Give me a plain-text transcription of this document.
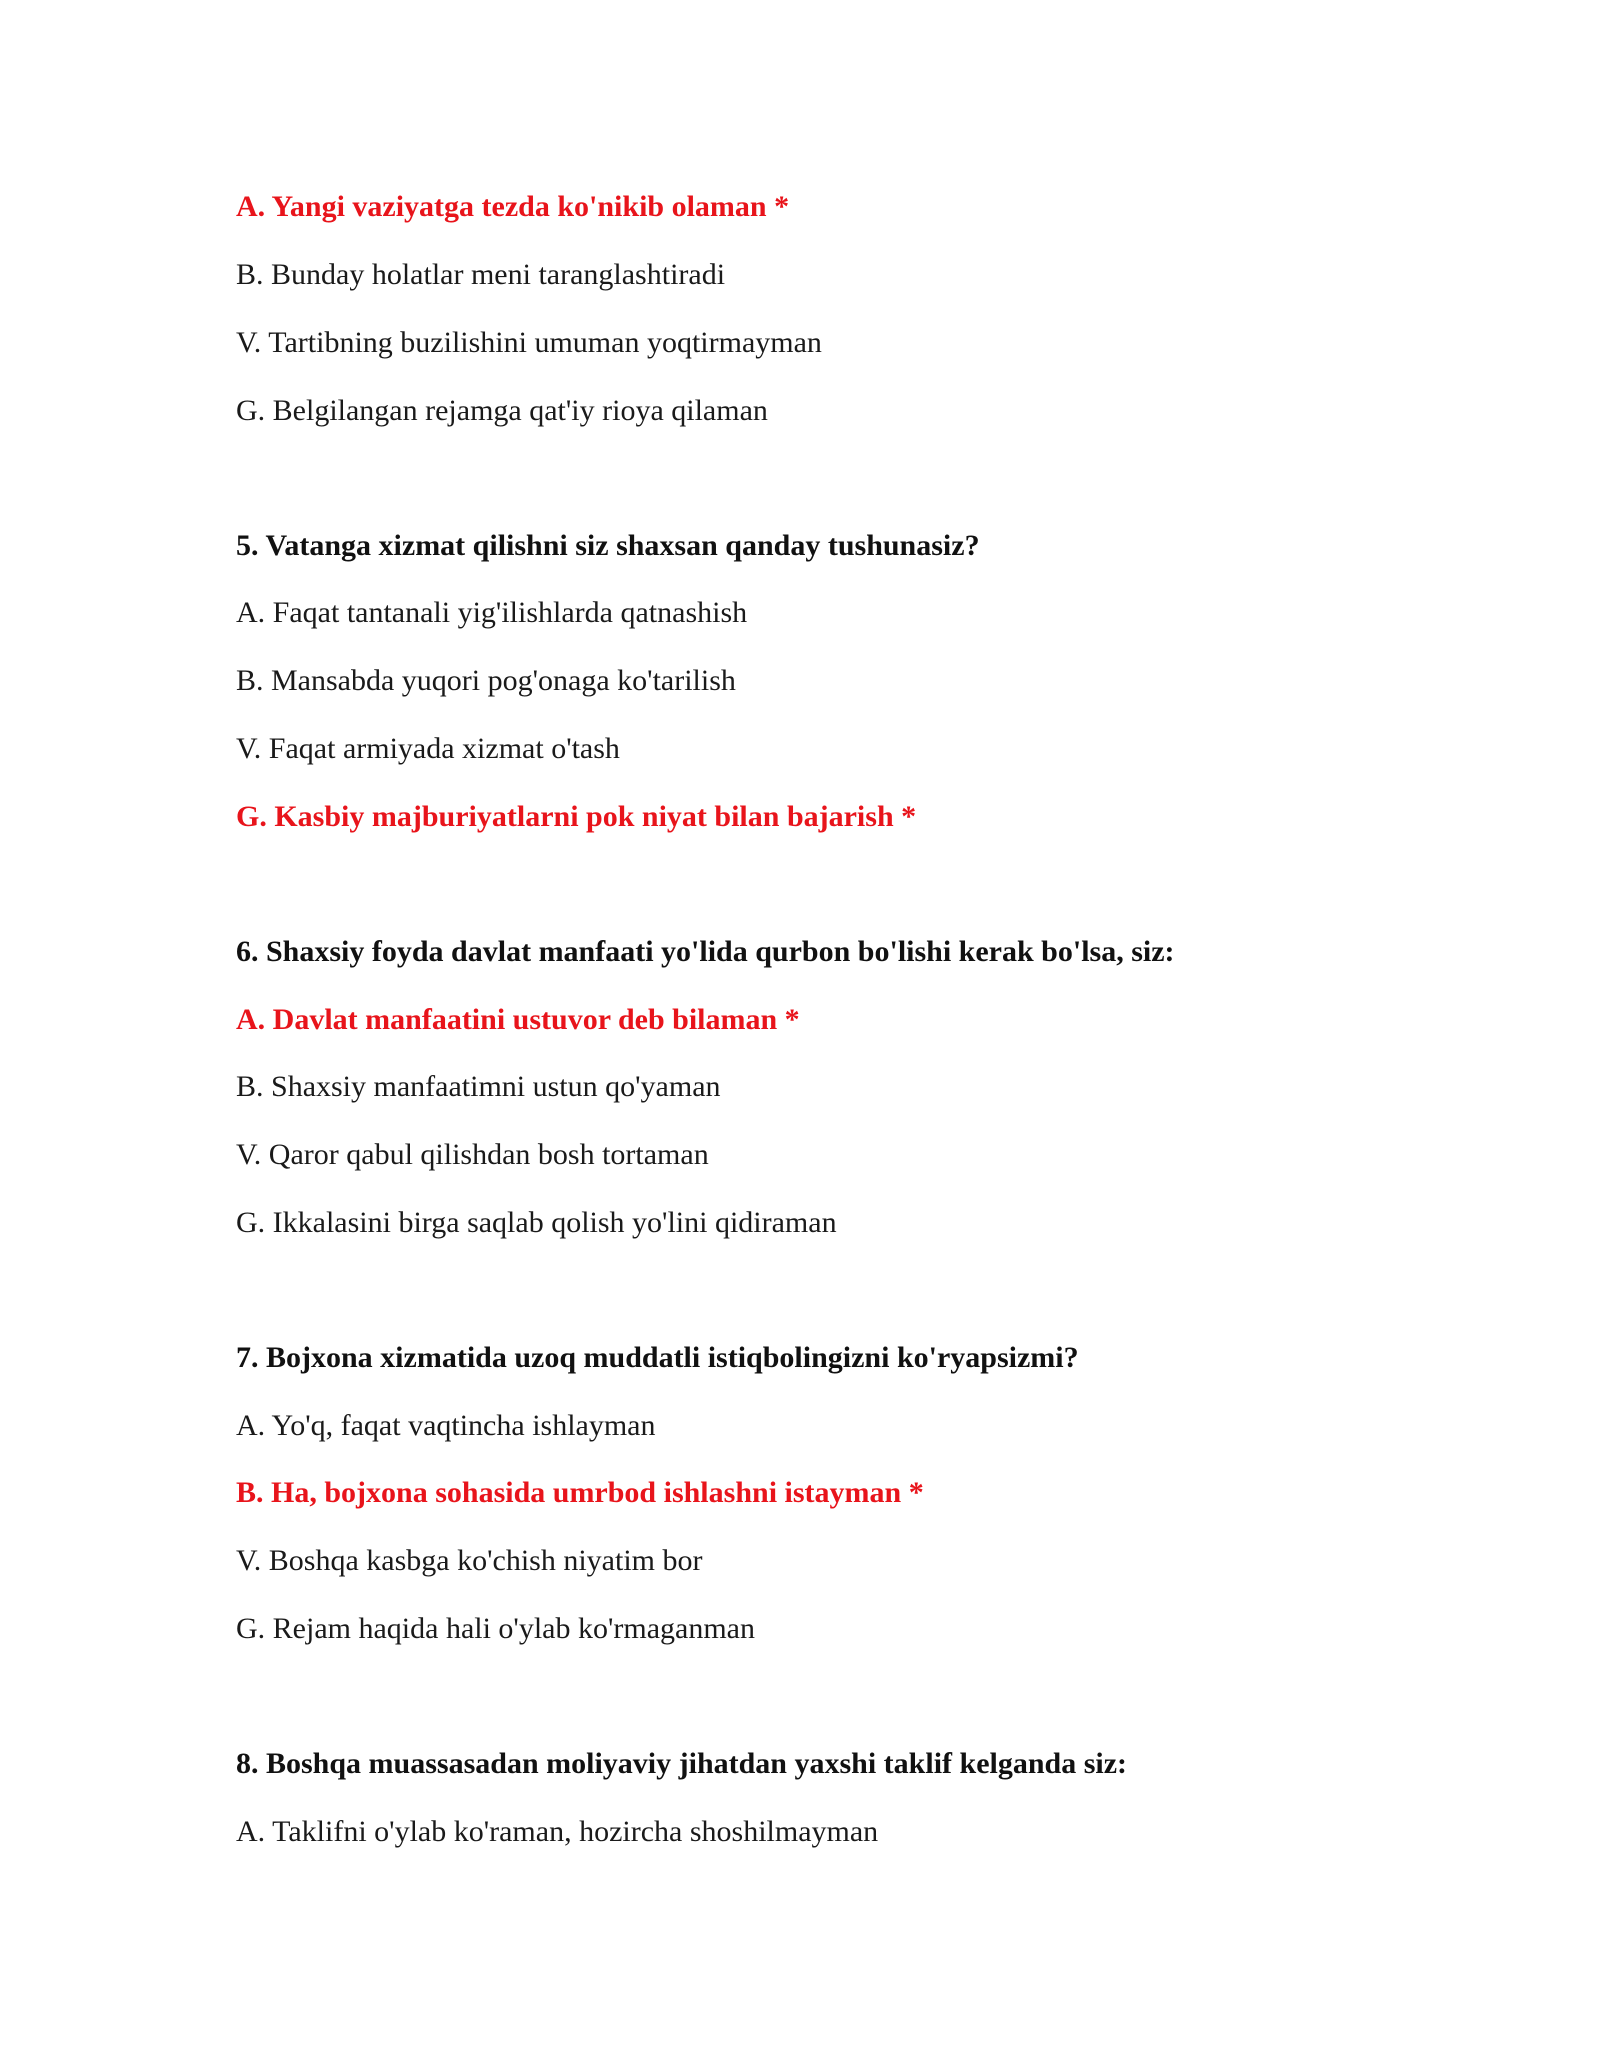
A. Yangi vaziyatga tezda ko'nikib olaman *
B. Bunday holatlar meni taranglashtiradi
V. Tartibning buzilishini umuman yoqtirmayman
G. Belgilangan rejamga qat'iy rioya qilaman
5. Vatanga xizmat qilishni siz shaxsan qanday tushunasiz?
A. Faqat tantanali yig'ilishlarda qatnashish
B. Mansabda yuqori pog'onaga ko'tarilish
V. Faqat armiyada xizmat o'tash
G. Kasbiy majburiyatlarni pok niyat bilan bajarish *
6. Shaxsiy foyda davlat manfaati yo'lida qurbon bo'lishi kerak bo'lsa, siz:
A. Davlat manfaatini ustuvor deb bilaman *
B. Shaxsiy manfaatimni ustun qo'yaman
V. Qaror qabul qilishdan bosh tortaman
G. Ikkalasini birga saqlab qolish yo'lini qidiraman
7. Bojxona xizmatida uzoq muddatli istiqbolingizni ko'ryapsizmi?
A. Yo'q, faqat vaqtincha ishlayman
B. Ha, bojxona sohasida umrbod ishlashni istayman *
V. Boshqa kasbga ko'chish niyatim bor
G. Rejam haqida hali o'ylab ko'rmaganman
8. Boshqa muassasadan moliyaviy jihatdan yaxshi taklif kelganda siz:
A. Taklifni o'ylab ko'raman, hozircha shoshilmayman
